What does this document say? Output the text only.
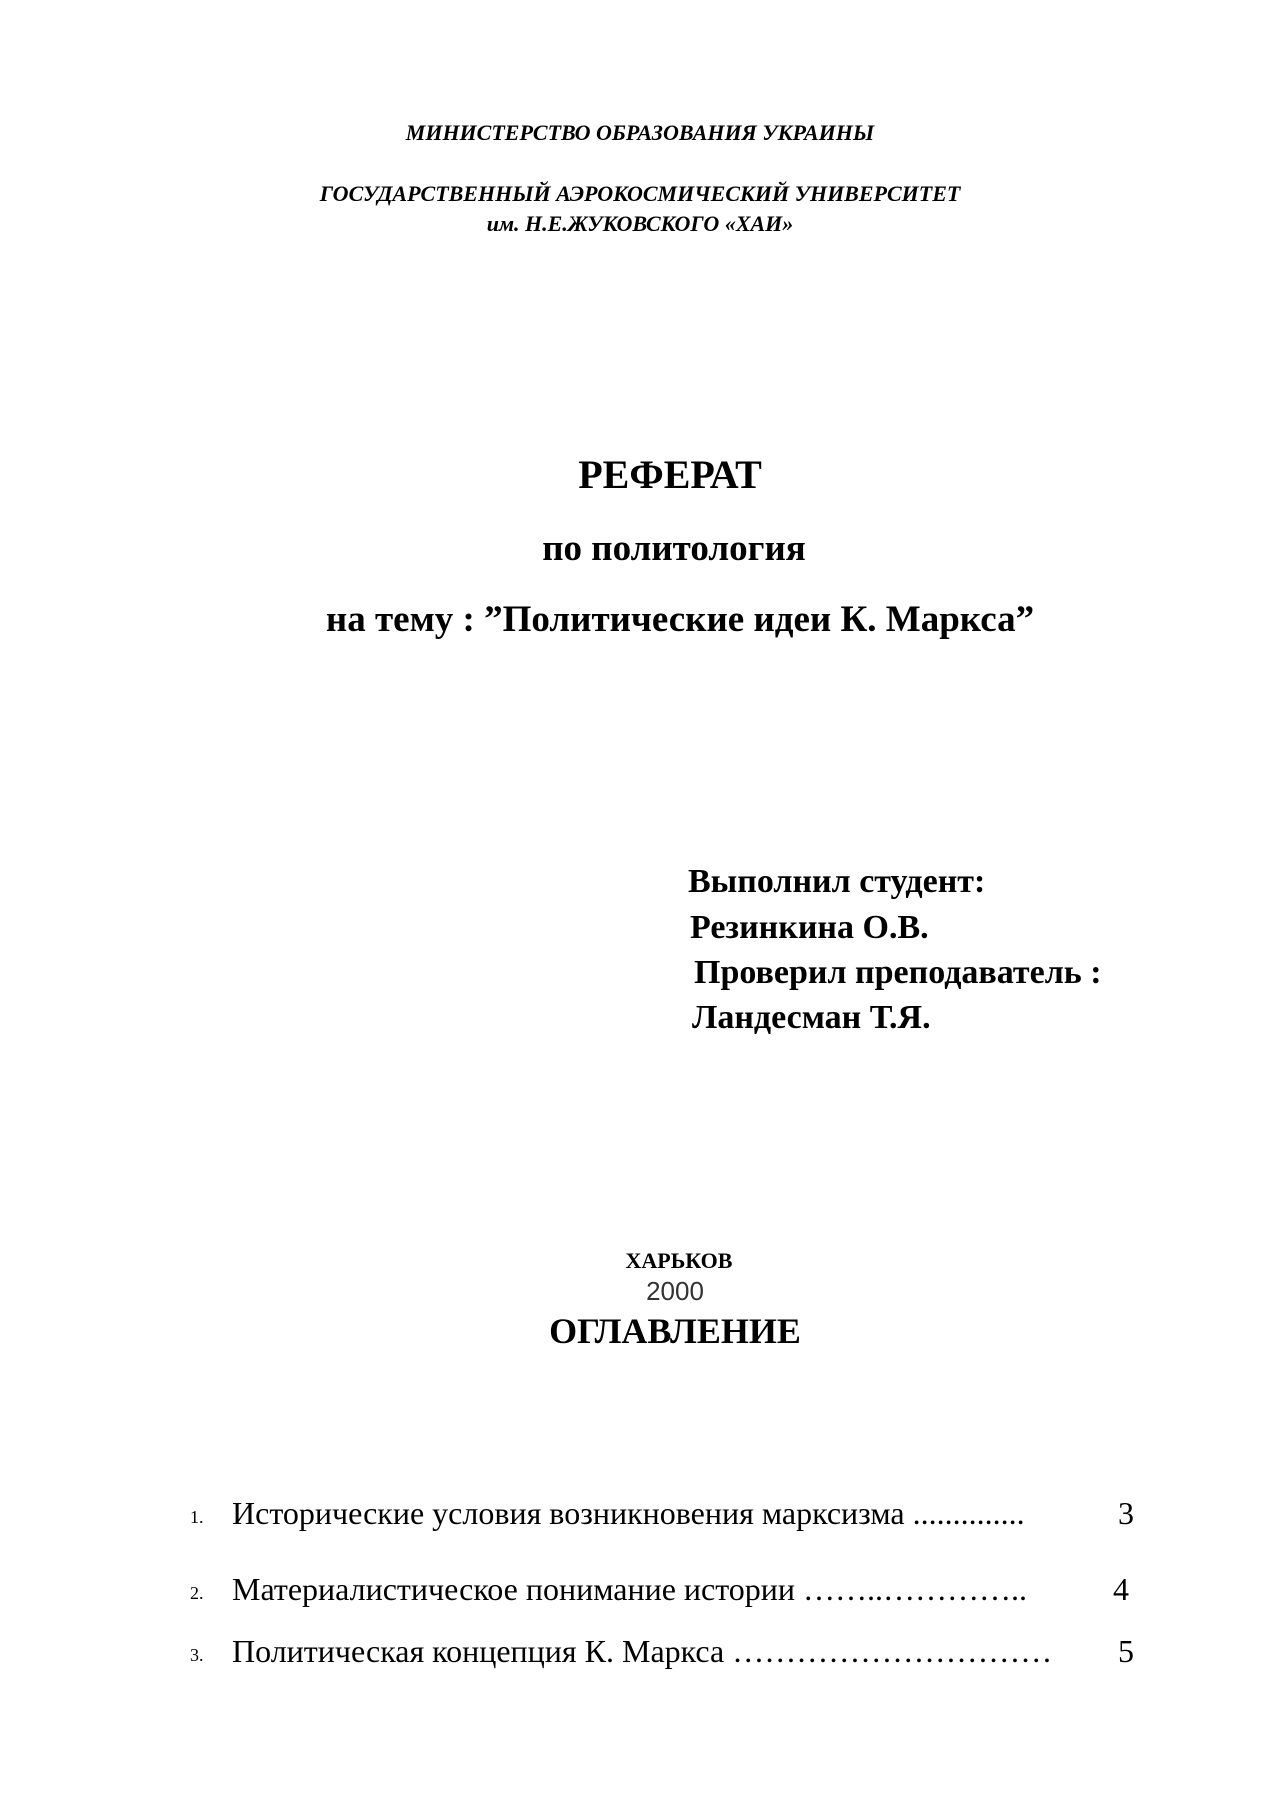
МИНИСТЕРСТВО ОБРАЗОВАНИЯ УКРАИНЫ
ГОСУДАРСТВЕННЫЙ АЭРОКОСМИЧЕСКИЙ УНИВЕРСИТЕТ
им. Н.Е.ЖУКОВСКОГО «ХАИ»
РЕФЕРАТ
по политология
на тему : ”Политические идеи К. Маркса”
Выполнил студент:
Резинкина О.В.
Проверил преподаватель :
Ландесман Т.Я.
ХАРЬКОВ
2000
ОГЛАВЛЕНИЕ
1. Исторические условия возникновения марксизма ..............	3
2. Материалистическое понимание истории ……..…………..	4
3. Политическая концепция К. Маркса ………………………… 5
